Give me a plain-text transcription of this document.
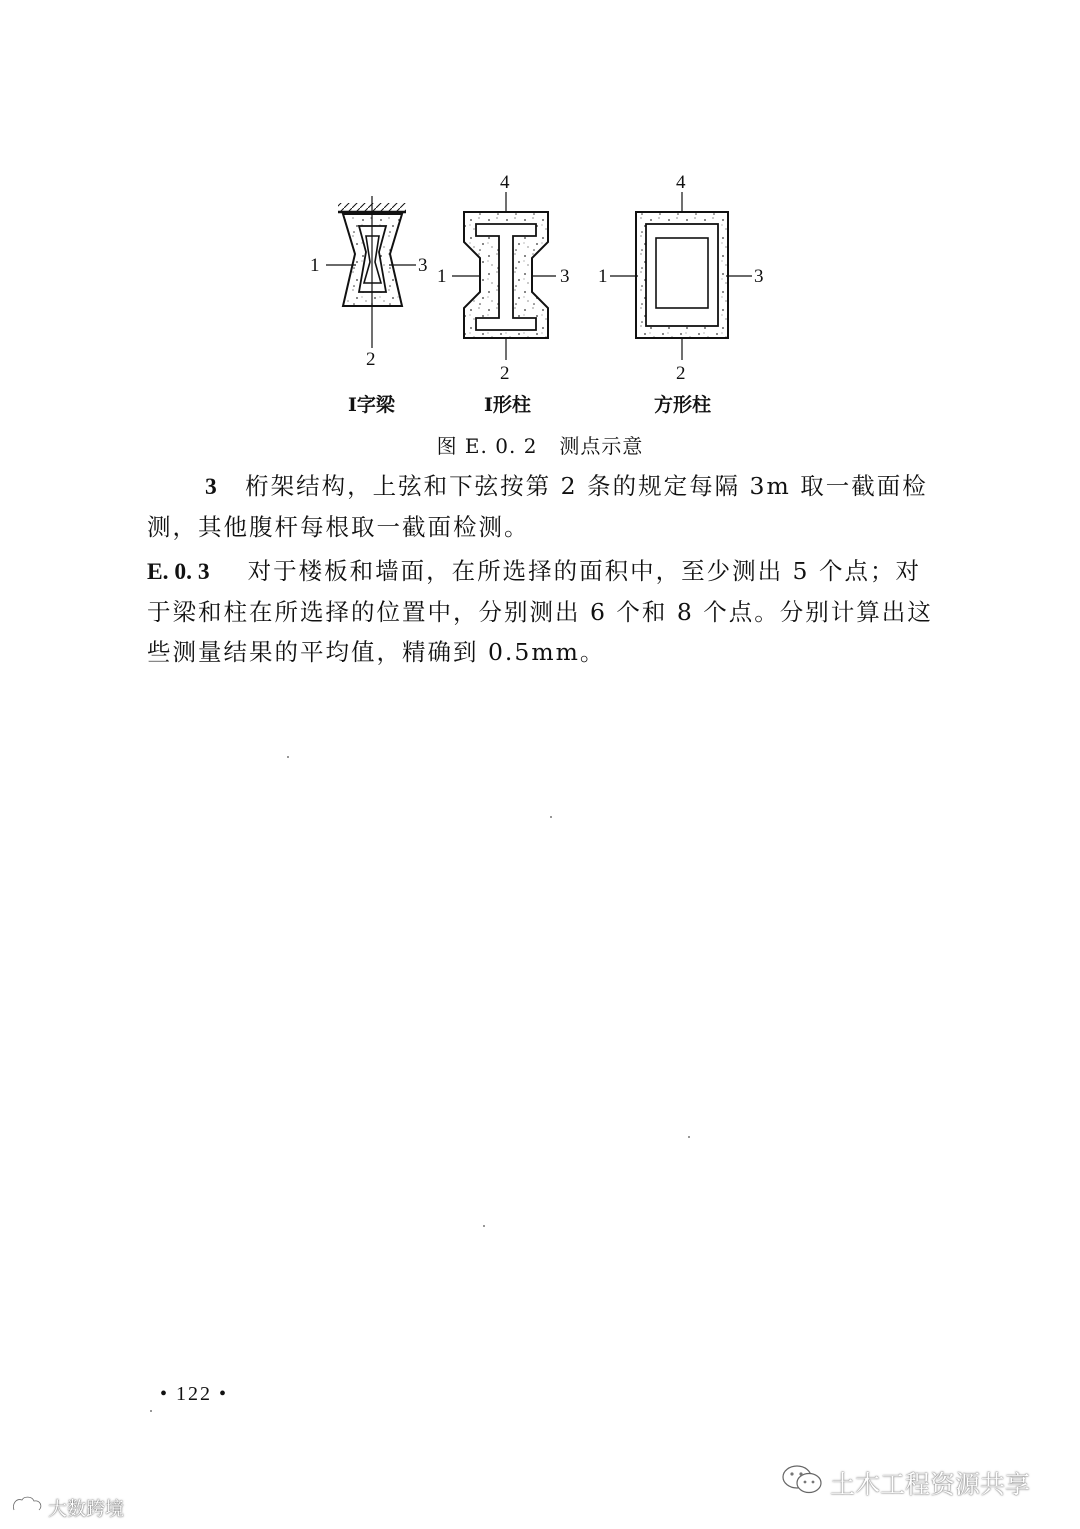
1	3
2
4
1	3
2
4
1	3
2
I字梁	I形柱	方形柱
图 E. 0. 2 测点示意

3 桁架结构，上弦和下弦按第 2 条的规定每隔 3m 取一截面检测，其他腹杆每根取一截面检测。

E. 0. 3 对于楼板和墙面，在所选择的面积中，至少测出 5 个点；对于梁和柱在所选择的位置中，分别测出 6 个和 8 个点。分别计算出这些测量结果的平均值，精确到 0.5mm。

• 122 •
大数跨境
土木工程资源共享
